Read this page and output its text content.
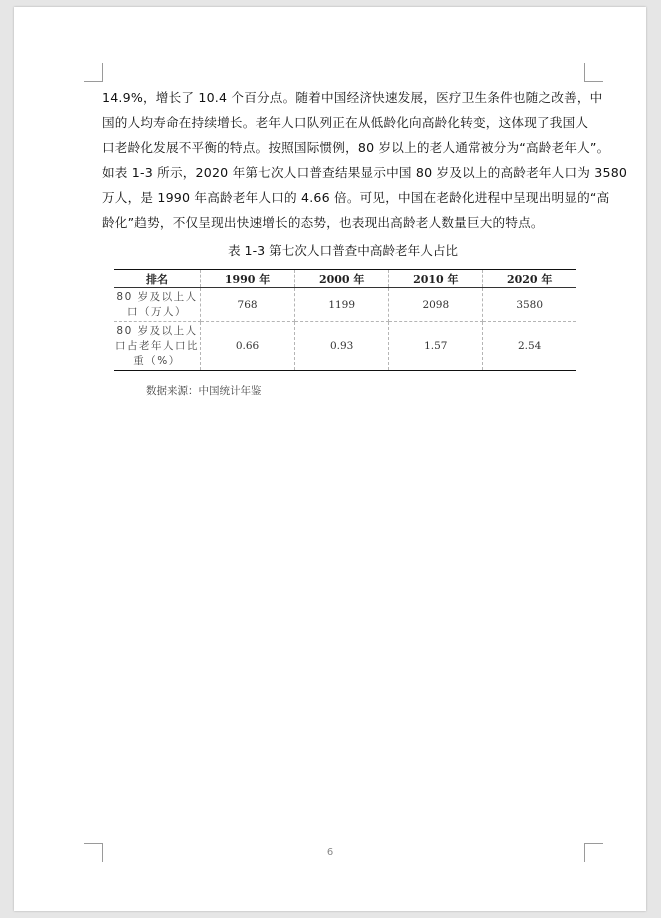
14.9%，增长了 10.4 个百分点。随着中国经济快速发展，医疗卫生条件也随之改善，中
国的人均寿命在持续增长。老年人口队列正在从低龄化向高龄化转变，这体现了我国人
口老龄化发展不平衡的特点。按照国际惯例，80 岁以上的老人通常被分为“高龄老年人”。
如表 1-3 所示，2020 年第七次人口普查结果显示中国 80 岁及以上的高龄老年人口为 3580
万人，是 1990 年高龄老年人口的 4.66 倍。可见，中国在老龄化进程中呈现出明显的“高
龄化”趋势，不仅呈现出快速增长的态势，也表现出高龄老人数量巨大的特点。
表 1-3 第七次人口普查中高龄老年人占比
排名	1990 年	2000 年	2010 年	2020 年
80 岁及以上人口（万人）	768	1199	2098	3580
80 岁及以上人口占老年人口比重（%）	0.66	0.93	1.57	2.54
数据来源：中国统计年鉴
6
